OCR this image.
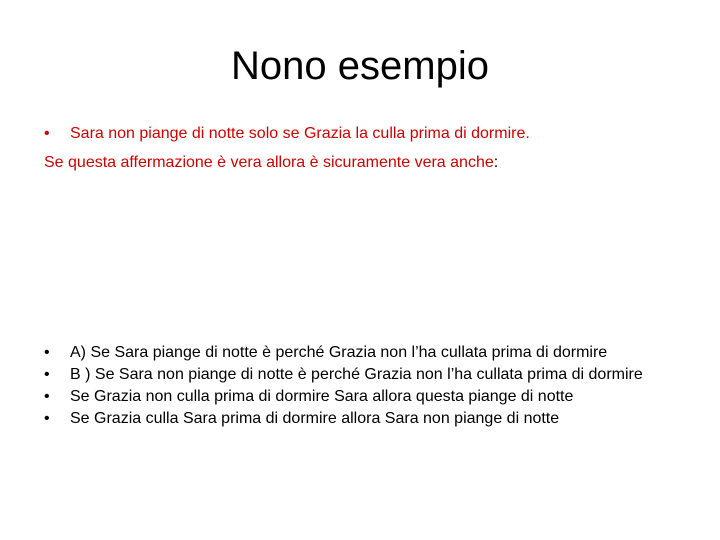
Nono esempio
• Sara non piange di notte solo se Grazia la culla prima di dormire.
Se questa affermazione è vera allora è sicuramente vera anche:
•	A) Se Sara piange di notte è perché Grazia non l’ha cullata prima di dormire
•	B ) Se Sara non piange di notte è perché Grazia non l’ha cullata prima di dormire
•	Se Grazia non culla prima di dormire Sara allora questa piange di notte
•	Se Grazia culla Sara prima di dormire allora Sara non piange di notte
